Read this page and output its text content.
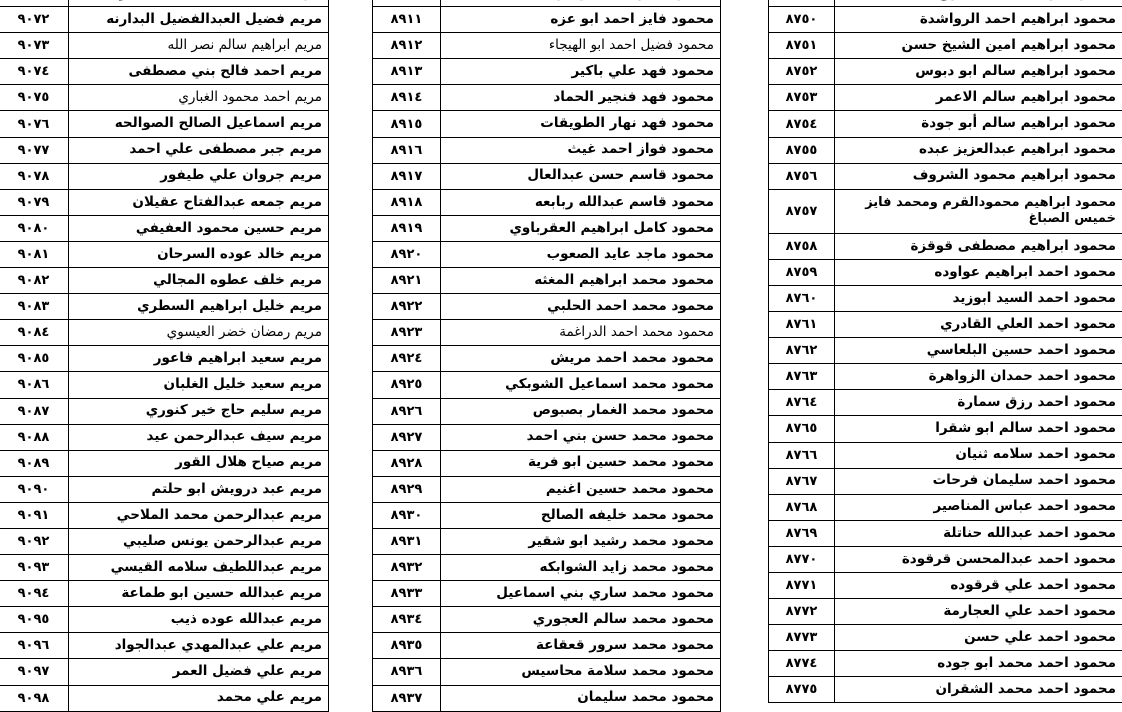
محمود ابراهيم احمد الرواشدة	٨٧٥٠
محمود ابراهيم امين الشيخ حسن	٨٧٥١
محمود ابراهيم سالم ابو دبوس	٨٧٥٢
محمود ابراهيم سالم الاعمر	٨٧٥٣
محمود ابراهيم سالم أبو جودة	٨٧٥٤
محمود ابراهيم عبدالعزيز عبده	٨٧٥٥
محمود ابراهيم محمود الشروف	٨٧٥٦
محمود ابراهيم محمودالقرم ومحمد فايز خميس الصباغ	٨٧٥٧
محمود ابراهيم مصطفى قوقزة	٨٧٥٨
محمود احمد ابراهيم عواوده	٨٧٥٩
محمود احمد السيد ابوزيد	٨٧٦٠
محمود احمد العلي القادري	٨٧٦١
محمود احمد حسين البلعاسي	٨٧٦٢
محمود احمد حمدان الزواهرة	٨٧٦٣
محمود احمد رزق سمارة	٨٧٦٤
محمود احمد سالم ابو شقرا	٨٧٦٥
محمود احمد سلامه ثنيان	٨٧٦٦
محمود احمد سليمان فرحات	٨٧٦٧
محمود احمد عباس المناصير	٨٧٦٨
محمود احمد عبدالله حناتلة	٨٧٦٩
محمود احمد عبدالمحسن قرقودة	٨٧٧٠
محمود احمد علي قرقوده	٨٧٧١
محمود احمد علي العجارمة	٨٧٧٢
محمود احمد علي حسن	٨٧٧٣
محمود احمد محمد ابو جوده	٨٧٧٤
محمود احمد محمد الشقران	٨٧٧٥

محمود فايز احمد ابو عزه	٨٩١١
محمود فضيل احمد ابو الهيجاء	٨٩١٢
محمود فهد علي باكير	٨٩١٣
محمود فهد فنجير الحماد	٨٩١٤
محمود فهد نهار الطويقات	٨٩١٥
محمود فواز احمد غيث	٨٩١٦
محمود قاسم حسن عبدالعال	٨٩١٧
محمود قاسم عبدالله ربابعه	٨٩١٨
محمود كامل ابراهيم العقرباوي	٨٩١٩
محمود ماجد عايد الصعوب	٨٩٢٠
محمود محمد ابراهيم المغثه	٨٩٢١
محمود محمد احمد الحلبي	٨٩٢٢
محمود محمد احمد الدراغمة	٨٩٢٣
محمود محمد احمد مريش	٨٩٢٤
محمود محمد اسماعيل الشوبكي	٨٩٢٥
محمود محمد الغمار بصبوص	٨٩٢٦
محمود محمد حسن بني احمد	٨٩٢٧
محمود محمد حسين ابو فرية	٨٩٢٨
محمود محمد حسين اغنيم	٨٩٢٩
محمود محمد خليفه الصالح	٨٩٣٠
محمود محمد رشيد ابو شقير	٨٩٣١
محمود محمد زايد الشوابكه	٨٩٣٢
محمود محمد ساري بني اسماعيل	٨٩٣٣
محمود محمد سالم العجوري	٨٩٣٤
محمود محمد سرور قعقاعة	٨٩٣٥
محمود محمد سلامة محاسيس	٨٩٣٦
محمود محمد سليمان	٨٩٣٧

مريم فضيل العبدالفضيل البدارنه	٩٠٧٢
مريم ابراهيم سالم نصر الله	٩٠٧٣
مريم احمد فالح بني مصطفى	٩٠٧٤
مريم احمد محمود الغباري	٩٠٧٥
مريم اسماعيل الصالح الصوالحه	٩٠٧٦
مريم جبر مصطفى علي احمد	٩٠٧٧
مريم جروان علي طيفور	٩٠٧٨
مريم جمعه عبدالفتاح عقيلان	٩٠٧٩
مريم حسين محمود العفيفي	٩٠٨٠
مريم خالد عوده السرحان	٩٠٨١
مريم خلف عطوه المجالي	٩٠٨٢
مريم خليل ابراهيم السطري	٩٠٨٣
مريم رمضان خضر العيسوي	٩٠٨٤
مريم سعيد ابراهيم فاعور	٩٠٨٥
مريم سعيد خليل الغلبان	٩٠٨٦
مريم سليم حاج خير كنوري	٩٠٨٧
مريم سيف عبدالرحمن عيد	٩٠٨٨
مريم صياح هلال القور	٩٠٨٩
مريم عبد درويش ابو حلتم	٩٠٩٠
مريم عبدالرحمن محمد الملاحي	٩٠٩١
مريم عبدالرحمن يونس صليبي	٩٠٩٢
مريم عبداللطيف سلامه القيسي	٩٠٩٣
مريم عبدالله حسين ابو طماعة	٩٠٩٤
مريم عبدالله عوده ذيب	٩٠٩٥
مريم علي عبدالمهدي عبدالجواد	٩٠٩٦
مريم علي فضيل العمر	٩٠٩٧
مريم علي محمد	٩٠٩٨
